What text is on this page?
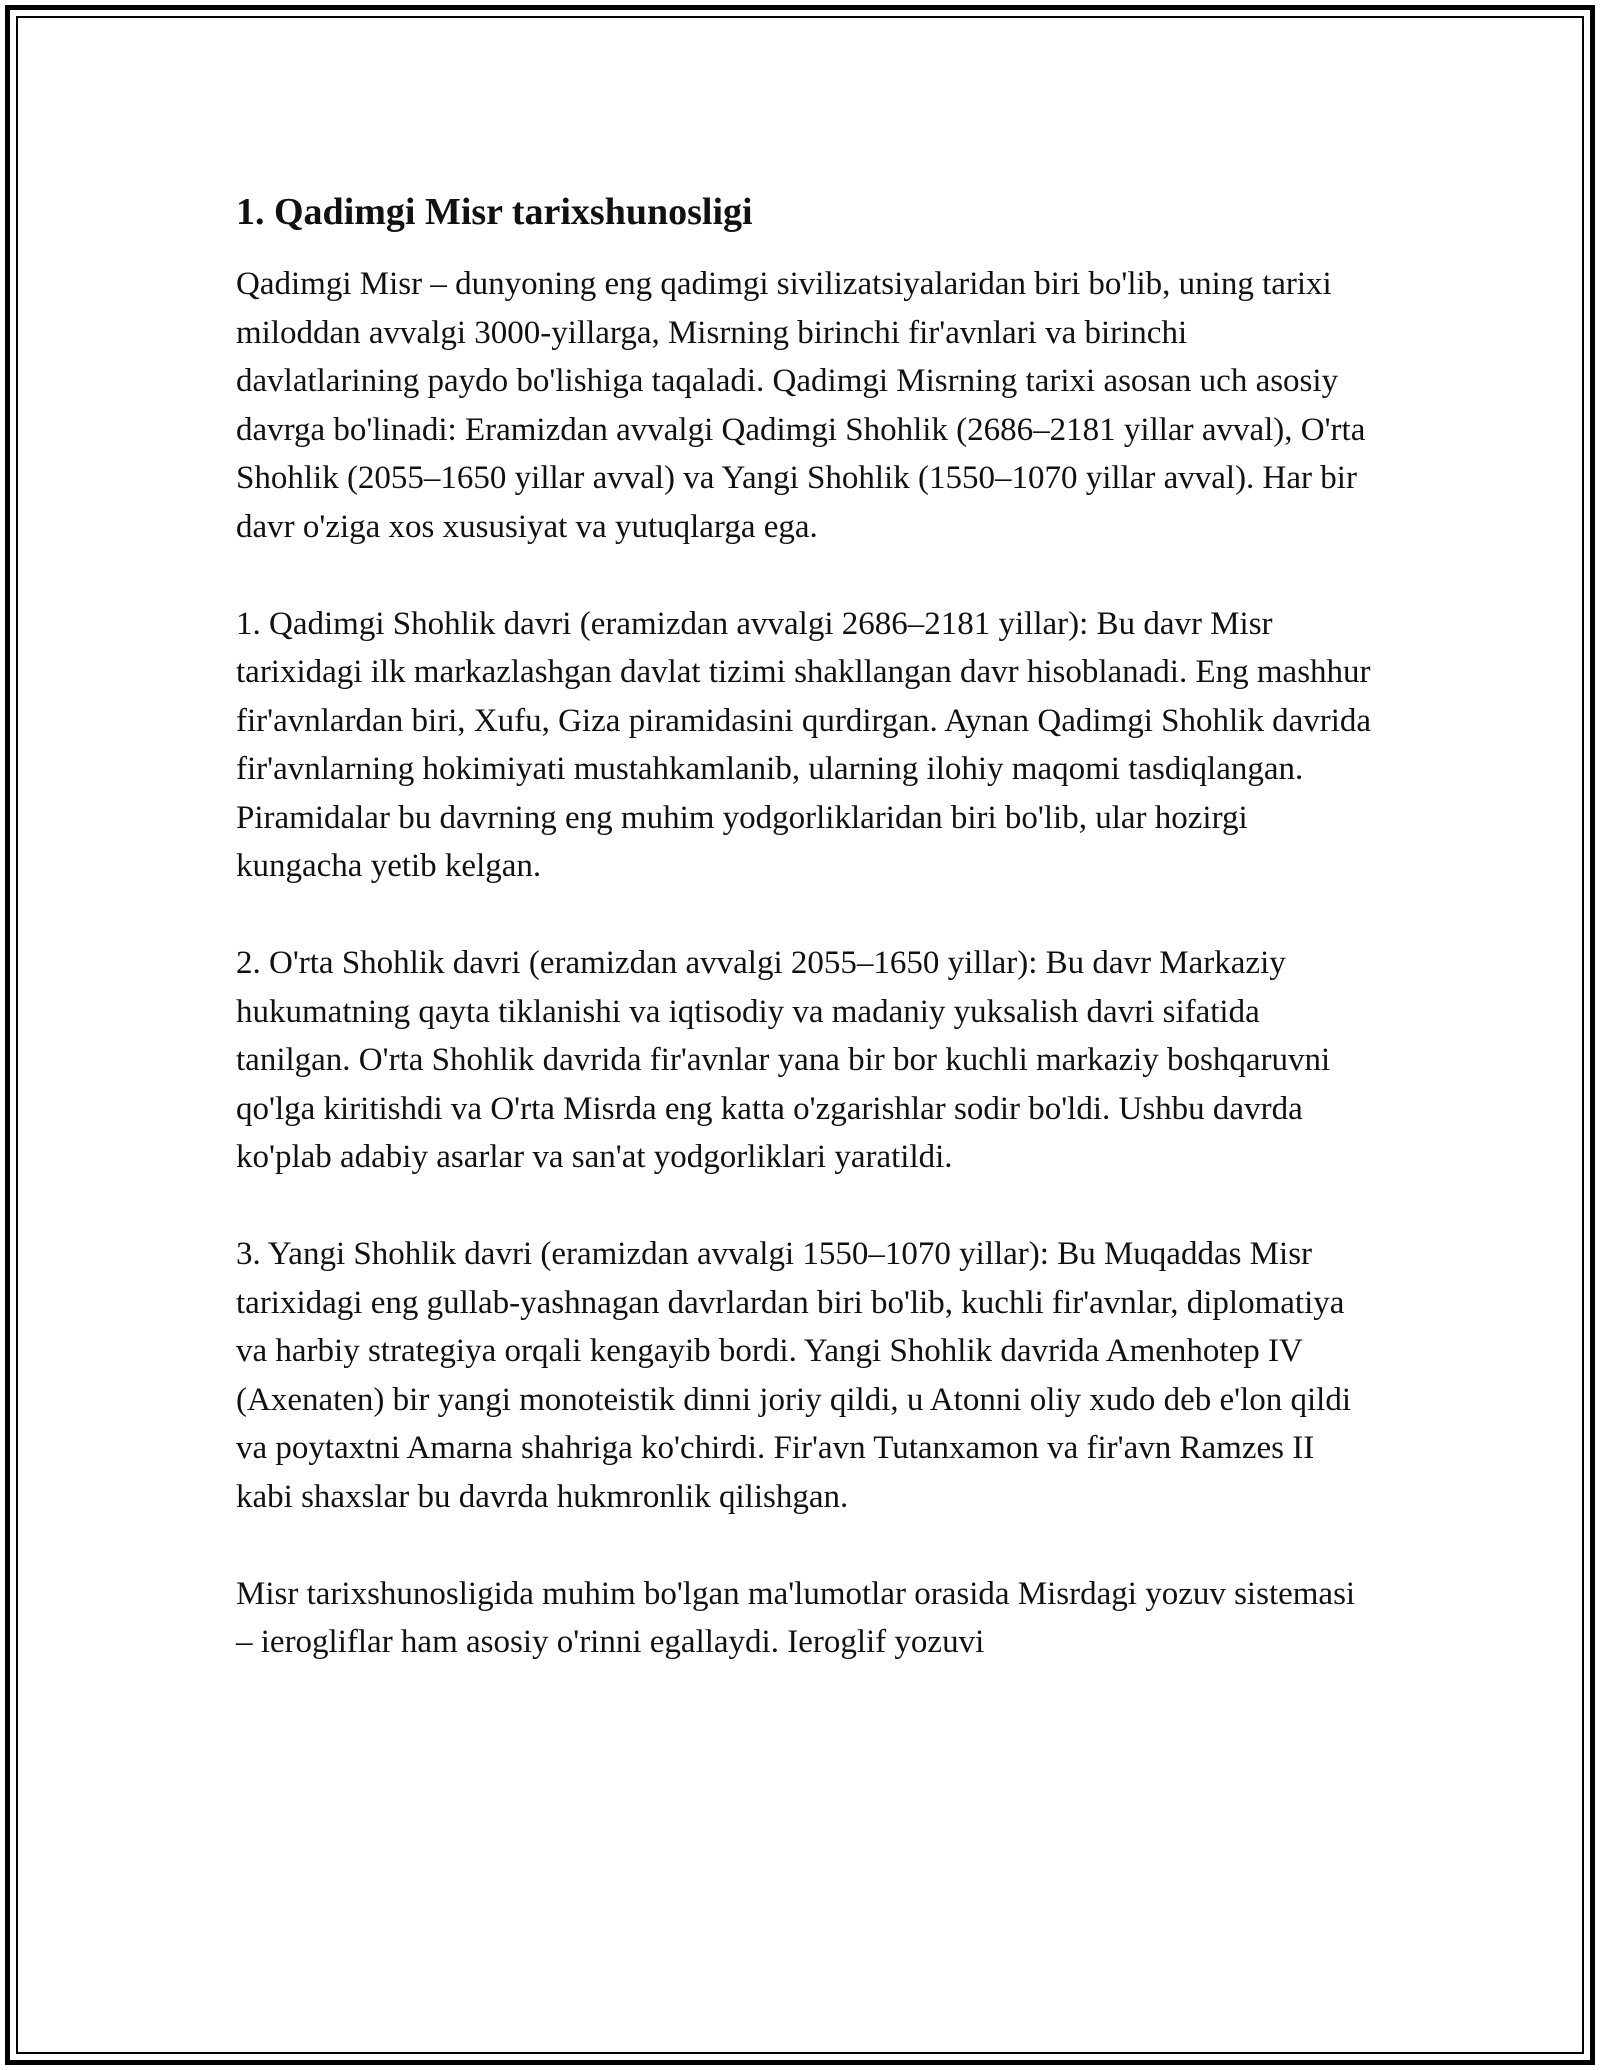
1. Qadimgi Misr tarixshunosligi

Qadimgi Misr – dunyoning eng qadimgi sivilizatsiyalaridan biri bo'lib, uning tarixi miloddan avvalgi 3000-yillarga, Misrning birinchi fir'avnlari va birinchi davlatlarining paydo bo'lishiga taqaladi. Qadimgi Misrning tarixi asosan uch asosiy davrga bo'linadi: Eramizdan avvalgi Qadimgi Shohlik (2686–2181 yillar avval), O'rta Shohlik (2055–1650 yillar avval) va Yangi Shohlik (1550–1070 yillar avval). Har bir davr o'ziga xos xususiyat va yutuqlarga ega.

1. Qadimgi Shohlik davri (eramizdan avvalgi 2686–2181 yillar): Bu davr Misr tarixidagi ilk markazlashgan davlat tizimi shakllangan davr hisoblanadi. Eng mashhur fir'avnlardan biri, Xufu, Giza piramidasini qurdirgan. Aynan Qadimgi Shohlik davrida fir'avnlarning hokimiyati mustahkamlanib, ularning ilohiy maqomi tasdiqlangan. Piramidalar bu davrning eng muhim yodgorliklaridan biri bo'lib, ular hozirgi kungacha yetib kelgan.

2. O'rta Shohlik davri (eramizdan avvalgi 2055–1650 yillar): Bu davr Markaziy hukumatning qayta tiklanishi va iqtisodiy va madaniy yuksalish davri sifatida tanilgan. O'rta Shohlik davrida fir'avnlar yana bir bor kuchli markaziy boshqaruvni qo'lga kiritishdi va O'rta Misrda eng katta o'zgarishlar sodir bo'ldi. Ushbu davrda ko'plab adabiy asarlar va san'at yodgorliklari yaratildi.

3. Yangi Shohlik davri (eramizdan avvalgi 1550–1070 yillar): Bu Muqaddas Misr tarixidagi eng gullab-yashnagan davrlardan biri bo'lib, kuchli fir'avnlar, diplomatiya va harbiy strategiya orqali kengayib bordi. Yangi Shohlik davrida Amenhotep IV (Axenaten) bir yangi monoteistik dinni joriy qildi, u Atonni oliy xudo deb e'lon qildi va poytaxtni Amarna shahriga ko'chirdi. Fir'avn Tutanxamon va fir'avn Ramzes II kabi shaxslar bu davrda hukmronlik qilishgan.

Misr tarixshunosligida muhim bo'lgan ma'lumotlar orasida Misrdagi yozuv sistemasi – ierogliflar ham asosiy o'rinni egallaydi. Ieroglif yozuvi
